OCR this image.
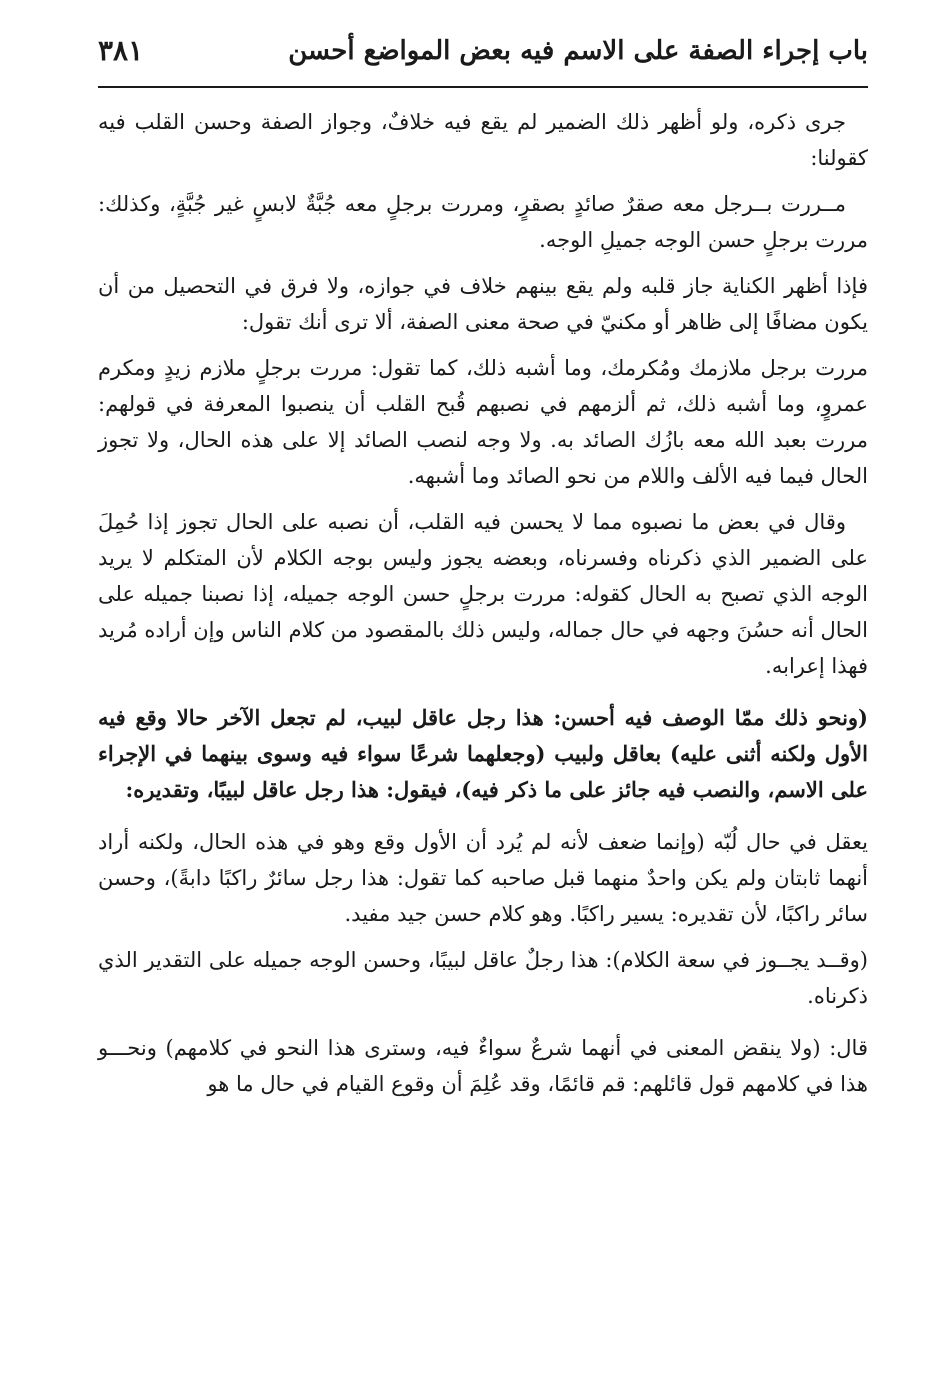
باب إجراء الصفة على الاسم فيه بعض المواضع أحسن
٣٨١

جرى ذكره، ولو أظهر ذلك الضمير لم يقع فيه خلافٌ، وجواز الصفة وحسن القلب فيه كقولنا:

مــررت بــرجل معه صقرٌ صائدٍ بصقرٍ، ومررت برجلٍ معه جُبَّةٌ لابسٍ غير جُبَّةٍ، وكذلك: مررت برجلٍ حسن الوجه جميلِ الوجه.

فإذا أظهر الكناية جاز قلبه ولم يقع بينهم خلاف في جوازه، ولا فرق في التحصيل من أن يكون مضافًا إلى ظاهر أو مكنيّ في صحة معنى الصفة، ألا ترى أنك تقول:

مررت برجل ملازمك ومُكرمك، وما أشبه ذلك، كما تقول: مررت برجلٍ ملازم زيدٍ ومكرم عمروٍ، وما أشبه ذلك، ثم ألزمهم في نصبهم قُبح القلب أن ينصبوا المعرفة في قولهم: مررت بعبد الله معه بازُك الصائد به. ولا وجه لنصب الصائد إلا على هذه الحال، ولا تجوز الحال فيما فيه الألف واللام من نحو الصائد وما أشبهه.

وقال في بعض ما نصبوه مما لا يحسن فيه القلب، أن نصبه على الحال تجوز إذا حُمِلَ على الضمير الذي ذكرناه وفسرناه، وبعضه يجوز وليس بوجه الكلام لأن المتكلم لا يريد الوجه الذي تصبح به الحال كقوله: مررت برجلٍ حسن الوجه جميله، إذا نصبنا جميله على الحال أنه حسُنَ وجهه في حال جماله، وليس ذلك بالمقصود من كلام الناس وإن أراده مُريد فهذا إعرابه.

(ونحو ذلك ممّا الوصف فيه أحسن: هذا رجل عاقل لبيب، لم تجعل الآخر حالا وقع فيه الأول ولكنه أثنى عليه) بعاقل ولبيب (وجعلهما شرعًا سواء فيه وسوى بينهما في الإجراء على الاسم، والنصب فيه جائز على ما ذكر فيه)، فيقول: هذا رجل عاقل لبيبًا، وتقديره:

يعقل في حال لُبّه (وإنما ضعف لأنه لم يُرد أن الأول وقع وهو في هذه الحال، ولكنه أراد أنهما ثابتان ولم يكن واحدٌ منهما قبل صاحبه كما تقول: هذا رجل سائرٌ راكبًا دابةً)، وحسن سائر راكبًا، لأن تقديره: يسير راكبًا. وهو كلام حسن جيد مفيد.

(وقــد يجــوز في سعة الكلام): هذا رجلٌ عاقل لبيبًا، وحسن الوجه جميله على التقدير الذي ذكرناه.

قال: (ولا ينقض المعنى في أنهما شرعٌ سواءٌ فيه، وسترى هذا النحو في كلامهم) ونحـــو هذا في كلامهم قول قائلهم: قم قائمًا، وقد عُلِمَ أن وقوع القيام في حال ما هو
